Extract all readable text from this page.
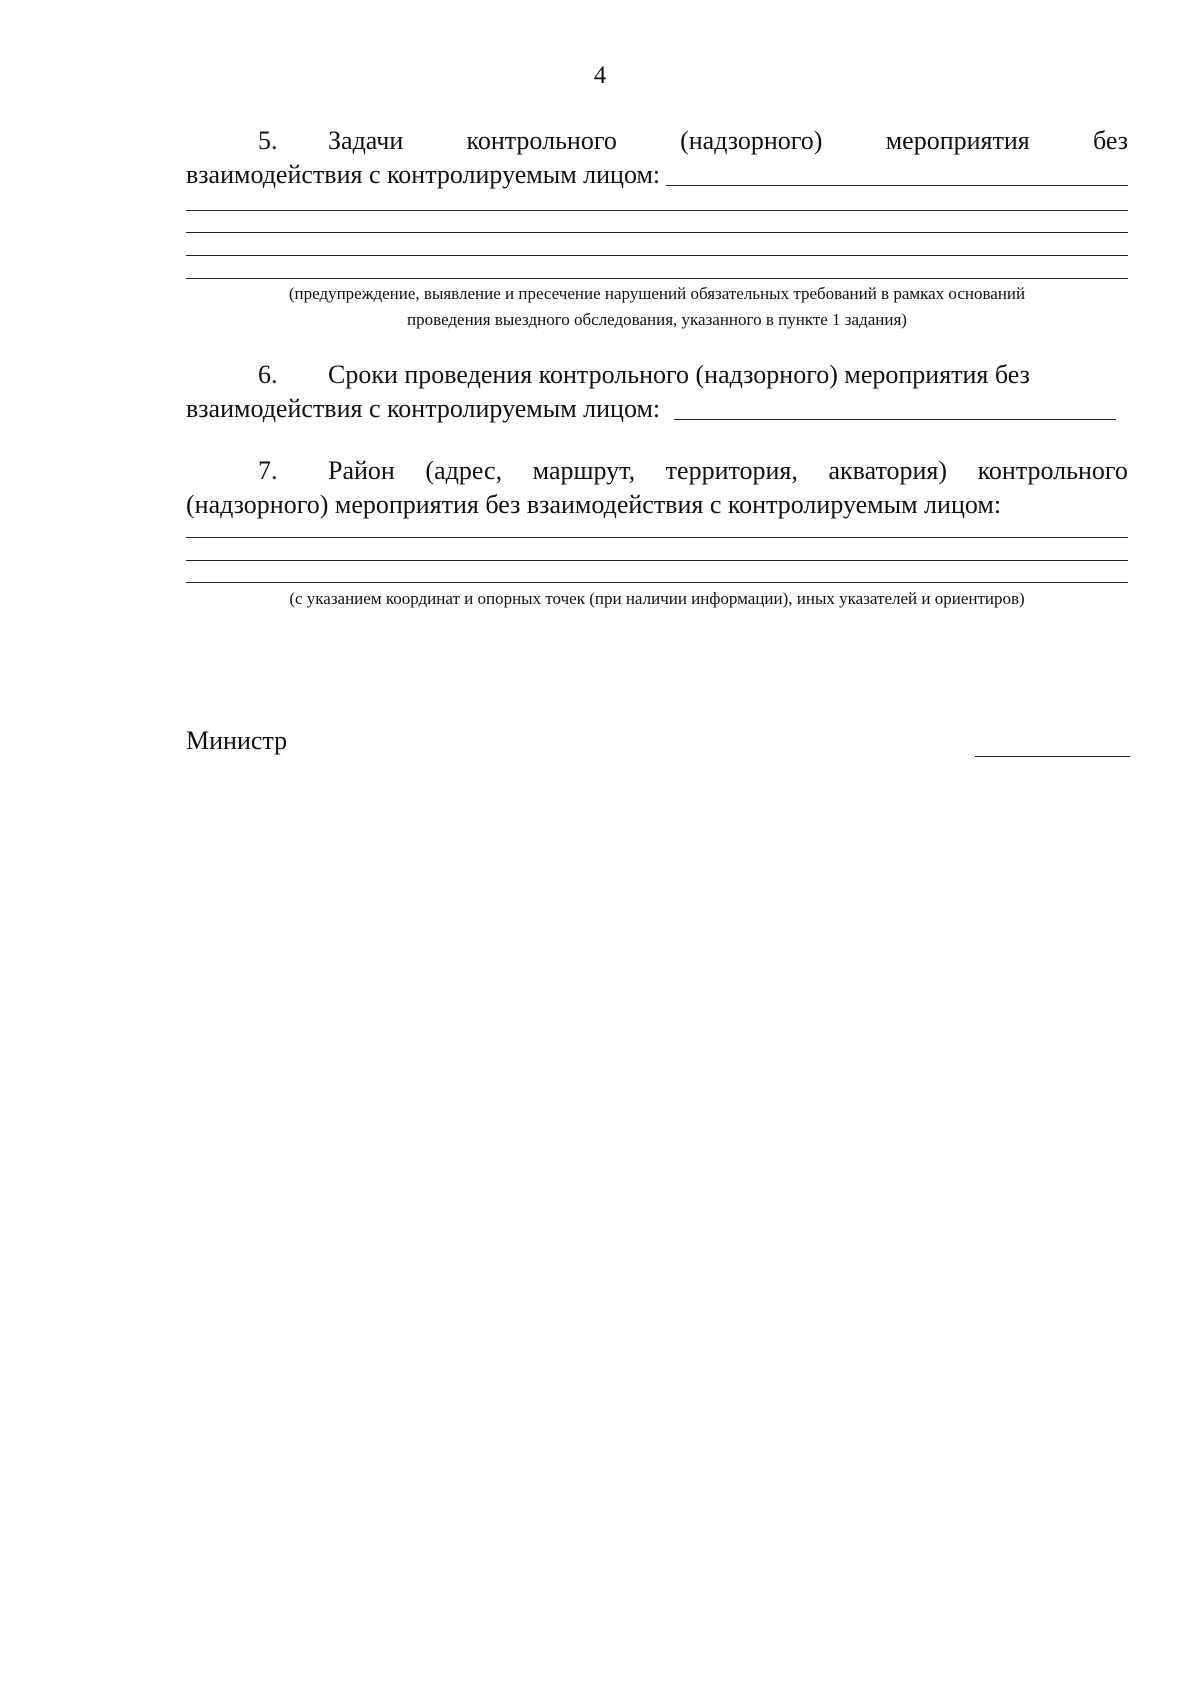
4
5. Задачи контрольного (надзорного) мероприятия без
взаимодействия с контролируемым лицом:
(предупреждение, выявление и пресечение нарушений обязательных требований в рамках оснований
проведения выездного обследования, указанного в пункте 1 задания)
6.	Сроки проведения контрольного (надзорного) мероприятия без
взаимодействия с контролируемым лицом:
7. Район (адрес, маршрут, территория, акватория) контрольного
(надзорного) мероприятия без взаимодействия с контролируемым лицом:
(с указанием координат и опорных точек (при наличии информации), иных указателей и ориентиров)
Министр
